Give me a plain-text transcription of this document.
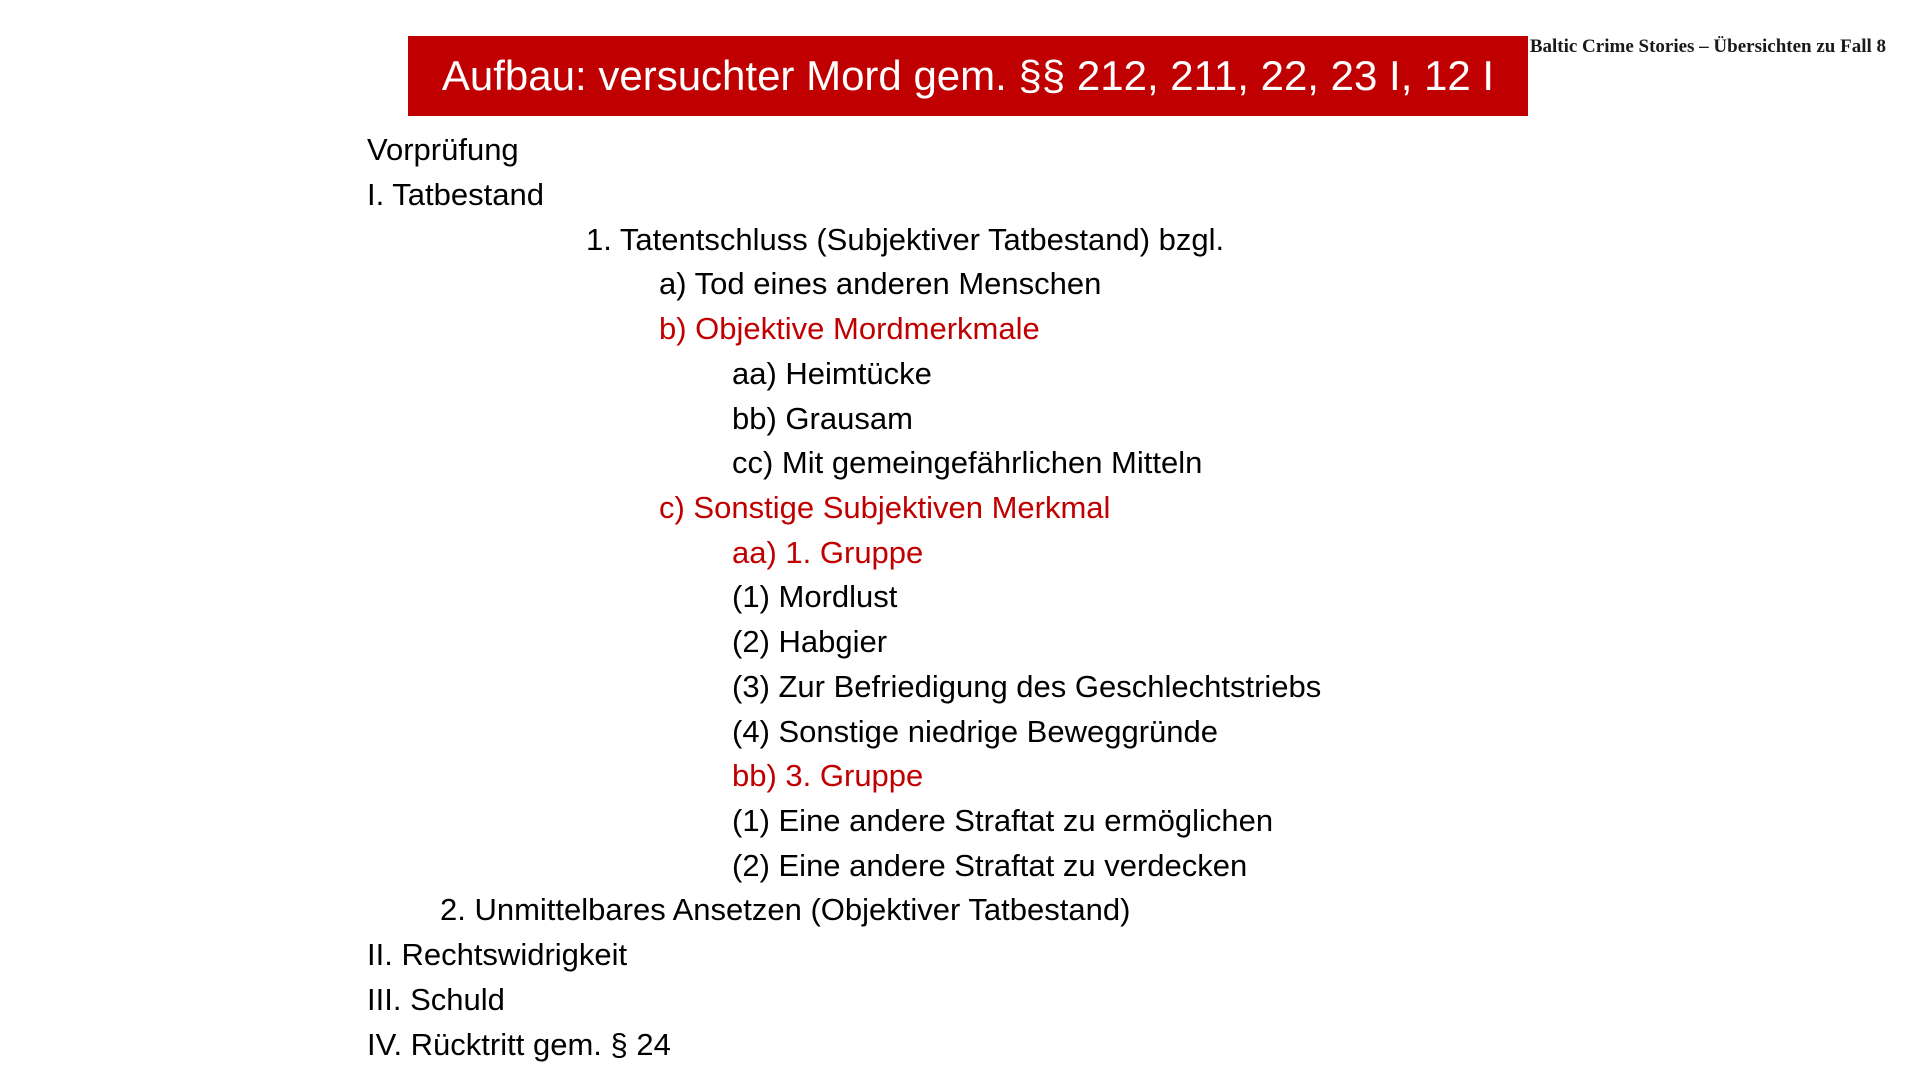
Baltic Crime Stories – Übersichten zu Fall 8
Aufbau: versuchter Mord gem. §§ 212, 211, 22, 23 I, 12 I
Vorprüfung
I. Tatbestand
1. Tatentschluss (Subjektiver Tatbestand) bzgl.
a) Tod eines anderen Menschen
b) Objektive Mordmerkmale
aa) Heimtücke
bb) Grausam
cc) Mit gemeingefährlichen Mitteln
c) Sonstige Subjektiven Merkmal
aa) 1. Gruppe
(1) Mordlust
(2) Habgier
(3) Zur Befriedigung des Geschlechtstriebs
(4) Sonstige niedrige Beweggründe
bb) 3. Gruppe
(1) Eine andere Straftat zu ermöglichen
(2) Eine andere Straftat zu verdecken
2. Unmittelbares Ansetzen (Objektiver Tatbestand)
II. Rechtswidrigkeit
III. Schuld
IV. Rücktritt gem. § 24
